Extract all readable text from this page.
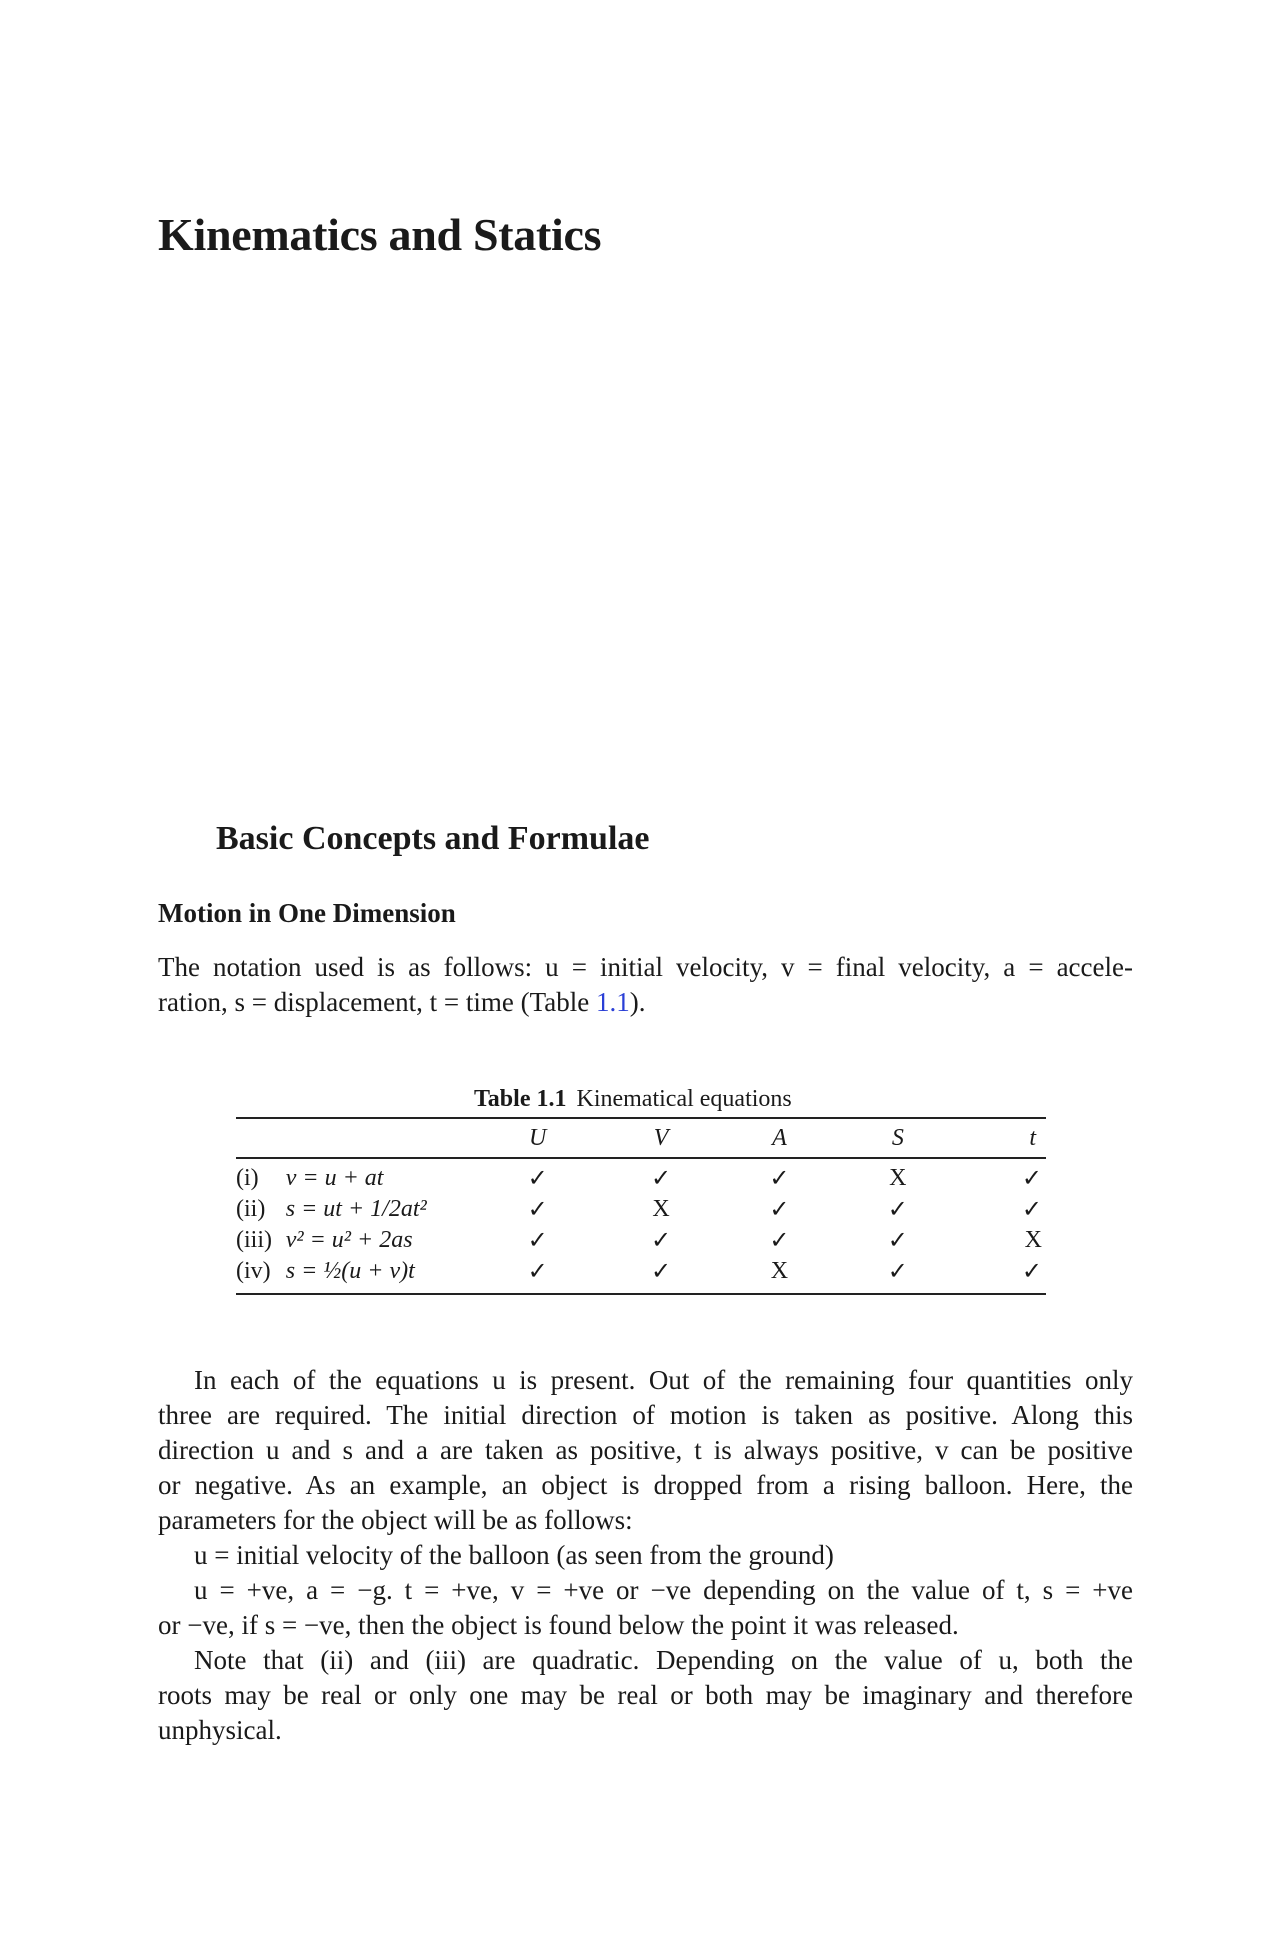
Kinematics and Statics
Basic Concepts and Formulae
Motion in One Dimension
The notation used is as follows: u = initial velocity, v = final velocity, a = accele-
ration, s = displacement, t = time (Table 1.1).
Table 1.1 Kinematical equations
		U	V	A	S	t
(i)	v = u + at	✓	✓	✓	X	✓
(ii)	s = ut + 1/2at²	✓	X	✓	✓	✓
(iii)	v² = u² + 2as	✓	✓	✓	✓	X
(iv)	s = ½(u + v)t	✓	✓	X	✓	✓
In each of the equations u is present. Out of the remaining four quantities only
three are required. The initial direction of motion is taken as positive. Along this
direction u and s and a are taken as positive, t is always positive, v can be positive
or negative. As an example, an object is dropped from a rising balloon. Here, the
parameters for the object will be as follows:
u = initial velocity of the balloon (as seen from the ground)
u = +ve, a = −g. t = +ve, v = +ve or −ve depending on the value of t, s = +ve
or −ve, if s = −ve, then the object is found below the point it was released.
Note that (ii) and (iii) are quadratic. Depending on the value of u, both the
roots may be real or only one may be real or both may be imaginary and therefore
unphysical.
